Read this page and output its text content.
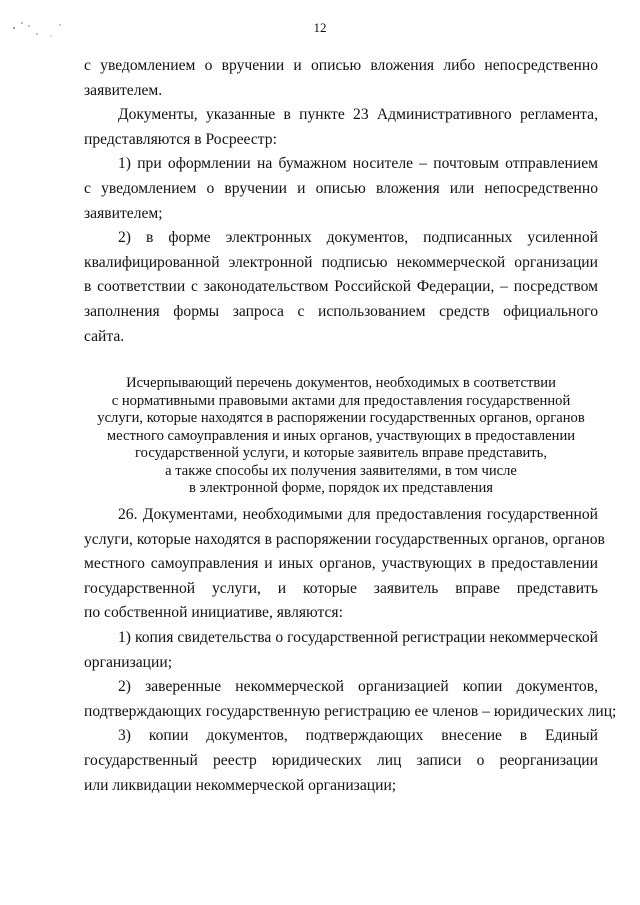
12
с уведомлением о вручении и описью вложения либо непосредственно
заявителем.
Документы, указанные в пункте 23 Административного регламента,
представляются в Росреестр:
1) при оформлении на бумажном носителе – почтовым отправлением
с уведомлением о вручении и описью вложения или непосредственно
заявителем;
2) в форме электронных документов, подписанных усиленной
квалифицированной электронной подписью некоммерческой организации
в соответствии с законодательством Российской Федерации, – посредством
заполнения формы запроса с использованием средств официального
сайта.
Исчерпывающий перечень документов, необходимых в соответствии
с нормативными правовыми актами для предоставления государственной
услуги, которые находятся в распоряжении государственных органов, органов
местного самоуправления и иных органов, участвующих в предоставлении
государственной услуги, и которые заявитель вправе представить,
а также способы их получения заявителями, в том числе
в электронной форме, порядок их представления
26. Документами, необходимыми для предоставления государственной
услуги, которые находятся в распоряжении государственных органов, органов
местного самоуправления и иных органов, участвующих в предоставлении
государственной услуги, и которые заявитель вправе представить
по собственной инициативе, являются:
1) копия свидетельства о государственной регистрации некоммерческой
организации;
2) заверенные некоммерческой организацией копии документов,
подтверждающих государственную регистрацию ее членов – юридических лиц;
3) копии документов, подтверждающих внесение в Единый
государственный реестр юридических лиц записи о реорганизации
или ликвидации некоммерческой организации;
